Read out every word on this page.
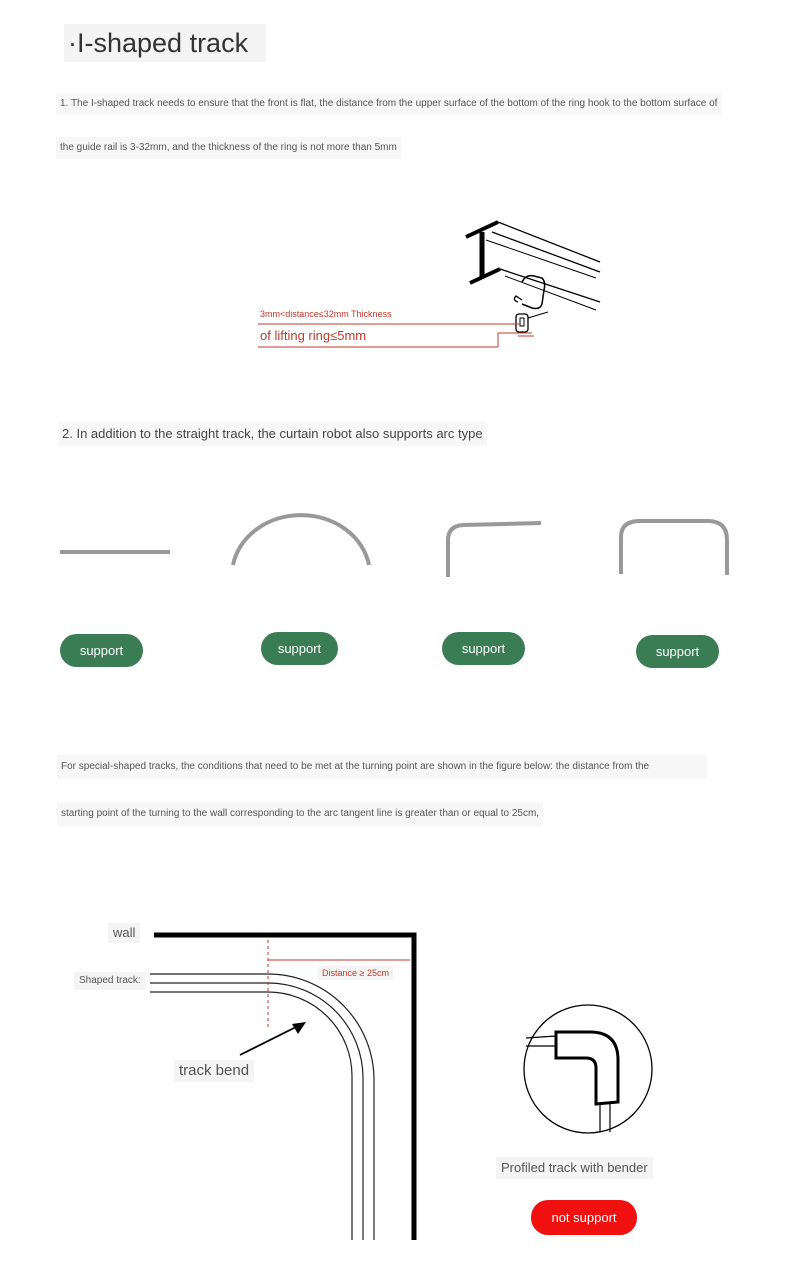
·I-shaped track
1. The I-shaped track needs to ensure that the front is flat, the distance from the upper surface of the bottom of the ring hook to the bottom surface of
the guide rail is 3-32mm, and the thickness of the ring is not more than 5mm
3mm<distance≤32mm Thickness
of lifting ring≤5mm
2. In addition to the straight track, the curtain robot also supports arc type
support	support	support	support
For special-shaped tracks, the conditions that need to be met at the turning point are shown in the figure below: the distance from the
starting point of the turning to the wall corresponding to the arc tangent line is greater than or equal to 25cm,
wall
Shaped track:
Distance ≥ 25cm
track bend
Profiled track with bender
not support
